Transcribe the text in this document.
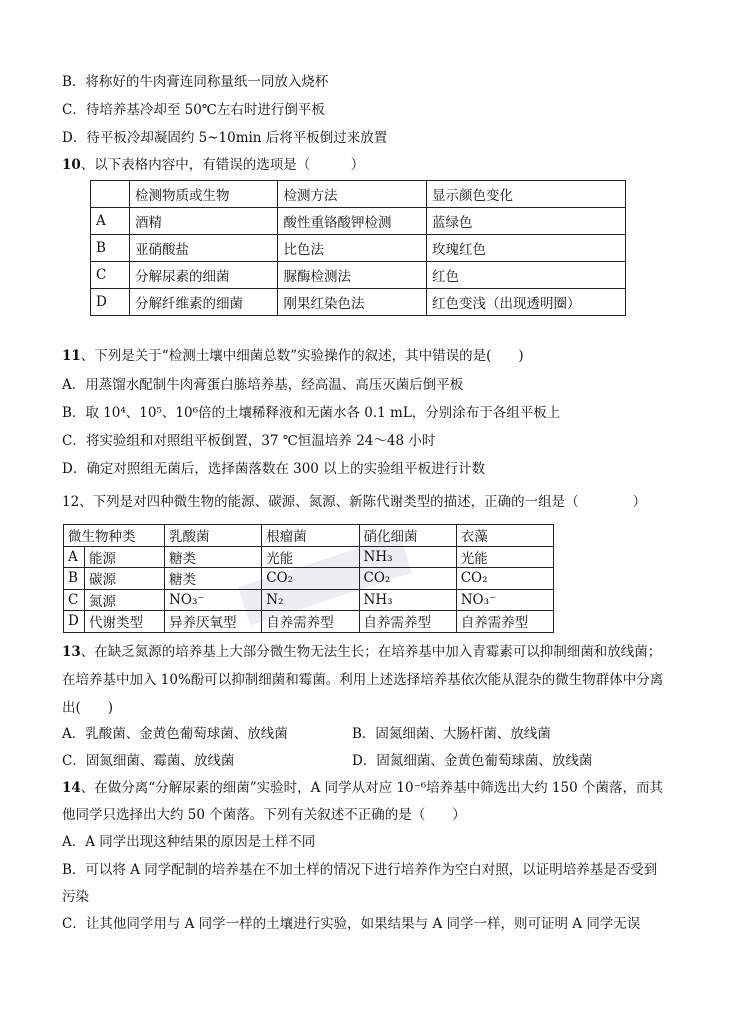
B．将称好的牛肉膏连同称量纸一同放入烧杯
C．待培养基冷却至 50℃左右时进行倒平板
D．待平板冷却凝固约 5~10min 后将平板倒过来放置
10、以下表格内容中，有错误的选项是（　　　）
	检测物质或生物	检测方法	显示颜色变化
A	酒精	酸性重铬酸钾检测	蓝绿色
B	亚硝酸盐	比色法	玫瑰红色
C	分解尿素的细菌	脲酶检测法	红色
D	分解纤维素的细菌	刚果红染色法	红色变浅（出现透明圈）
11、下列是关于“检测土壤中细菌总数”实验操作的叙述，其中错误的是(　　)
A．用蒸馏水配制牛肉膏蛋白胨培养基，经高温、高压灭菌后倒平板
B．取 10⁴、10⁵、10⁶倍的土壤稀释液和无菌水各 0.1 mL，分别涂布于各组平板上
C．将实验组和对照组平板倒置，37 ℃恒温培养 24～48 小时
D．确定对照组无菌后，选择菌落数在 300 以上的实验组平板进行计数
12、下列是对四种微生物的能源、碳源、氮源、新陈代谢类型的描述，正确的一组是（　　　　）
微生物种类		乳酸菌	根瘤菌	硝化细菌	衣藻
A	能源	糖类	光能	NH₃	光能
B	碳源	糖类	CO₂	CO₂	CO₂
C	氮源	NO₃⁻	N₂	NH₃	NO₃⁻
D	代谢类型	异养厌氧型	自养需养型	自养需养型	自养需养型
13、在缺乏氮源的培养基上大部分微生物无法生长；在培养基中加入青霉素可以抑制细菌和放线菌；
在培养基中加入 10%酚可以抑制细菌和霉菌。利用上述选择培养基依次能从混杂的微生物群体中分离
出(　　)
A．乳酸菌、金黄色葡萄球菌、放线菌	B．固氮细菌、大肠杆菌、放线菌
C．固氮细菌、霉菌、放线菌	D．固氮细菌、金黄色葡萄球菌、放线菌
14、在做分离“分解尿素的细菌”实验时，A 同学从对应 10⁻⁶培养基中筛选出大约 150 个菌落，而其
他同学只选择出大约 50 个菌落。下列有关叙述不正确的是（　　）
A．A 同学出现这种结果的原因是土样不同
B．可以将 A 同学配制的培养基在不加土样的情况下进行培养作为空白对照，以证明培养基是否受到
污染
C．让其他同学用与 A 同学一样的土壤进行实验，如果结果与 A 同学一样，则可证明 A 同学无误
